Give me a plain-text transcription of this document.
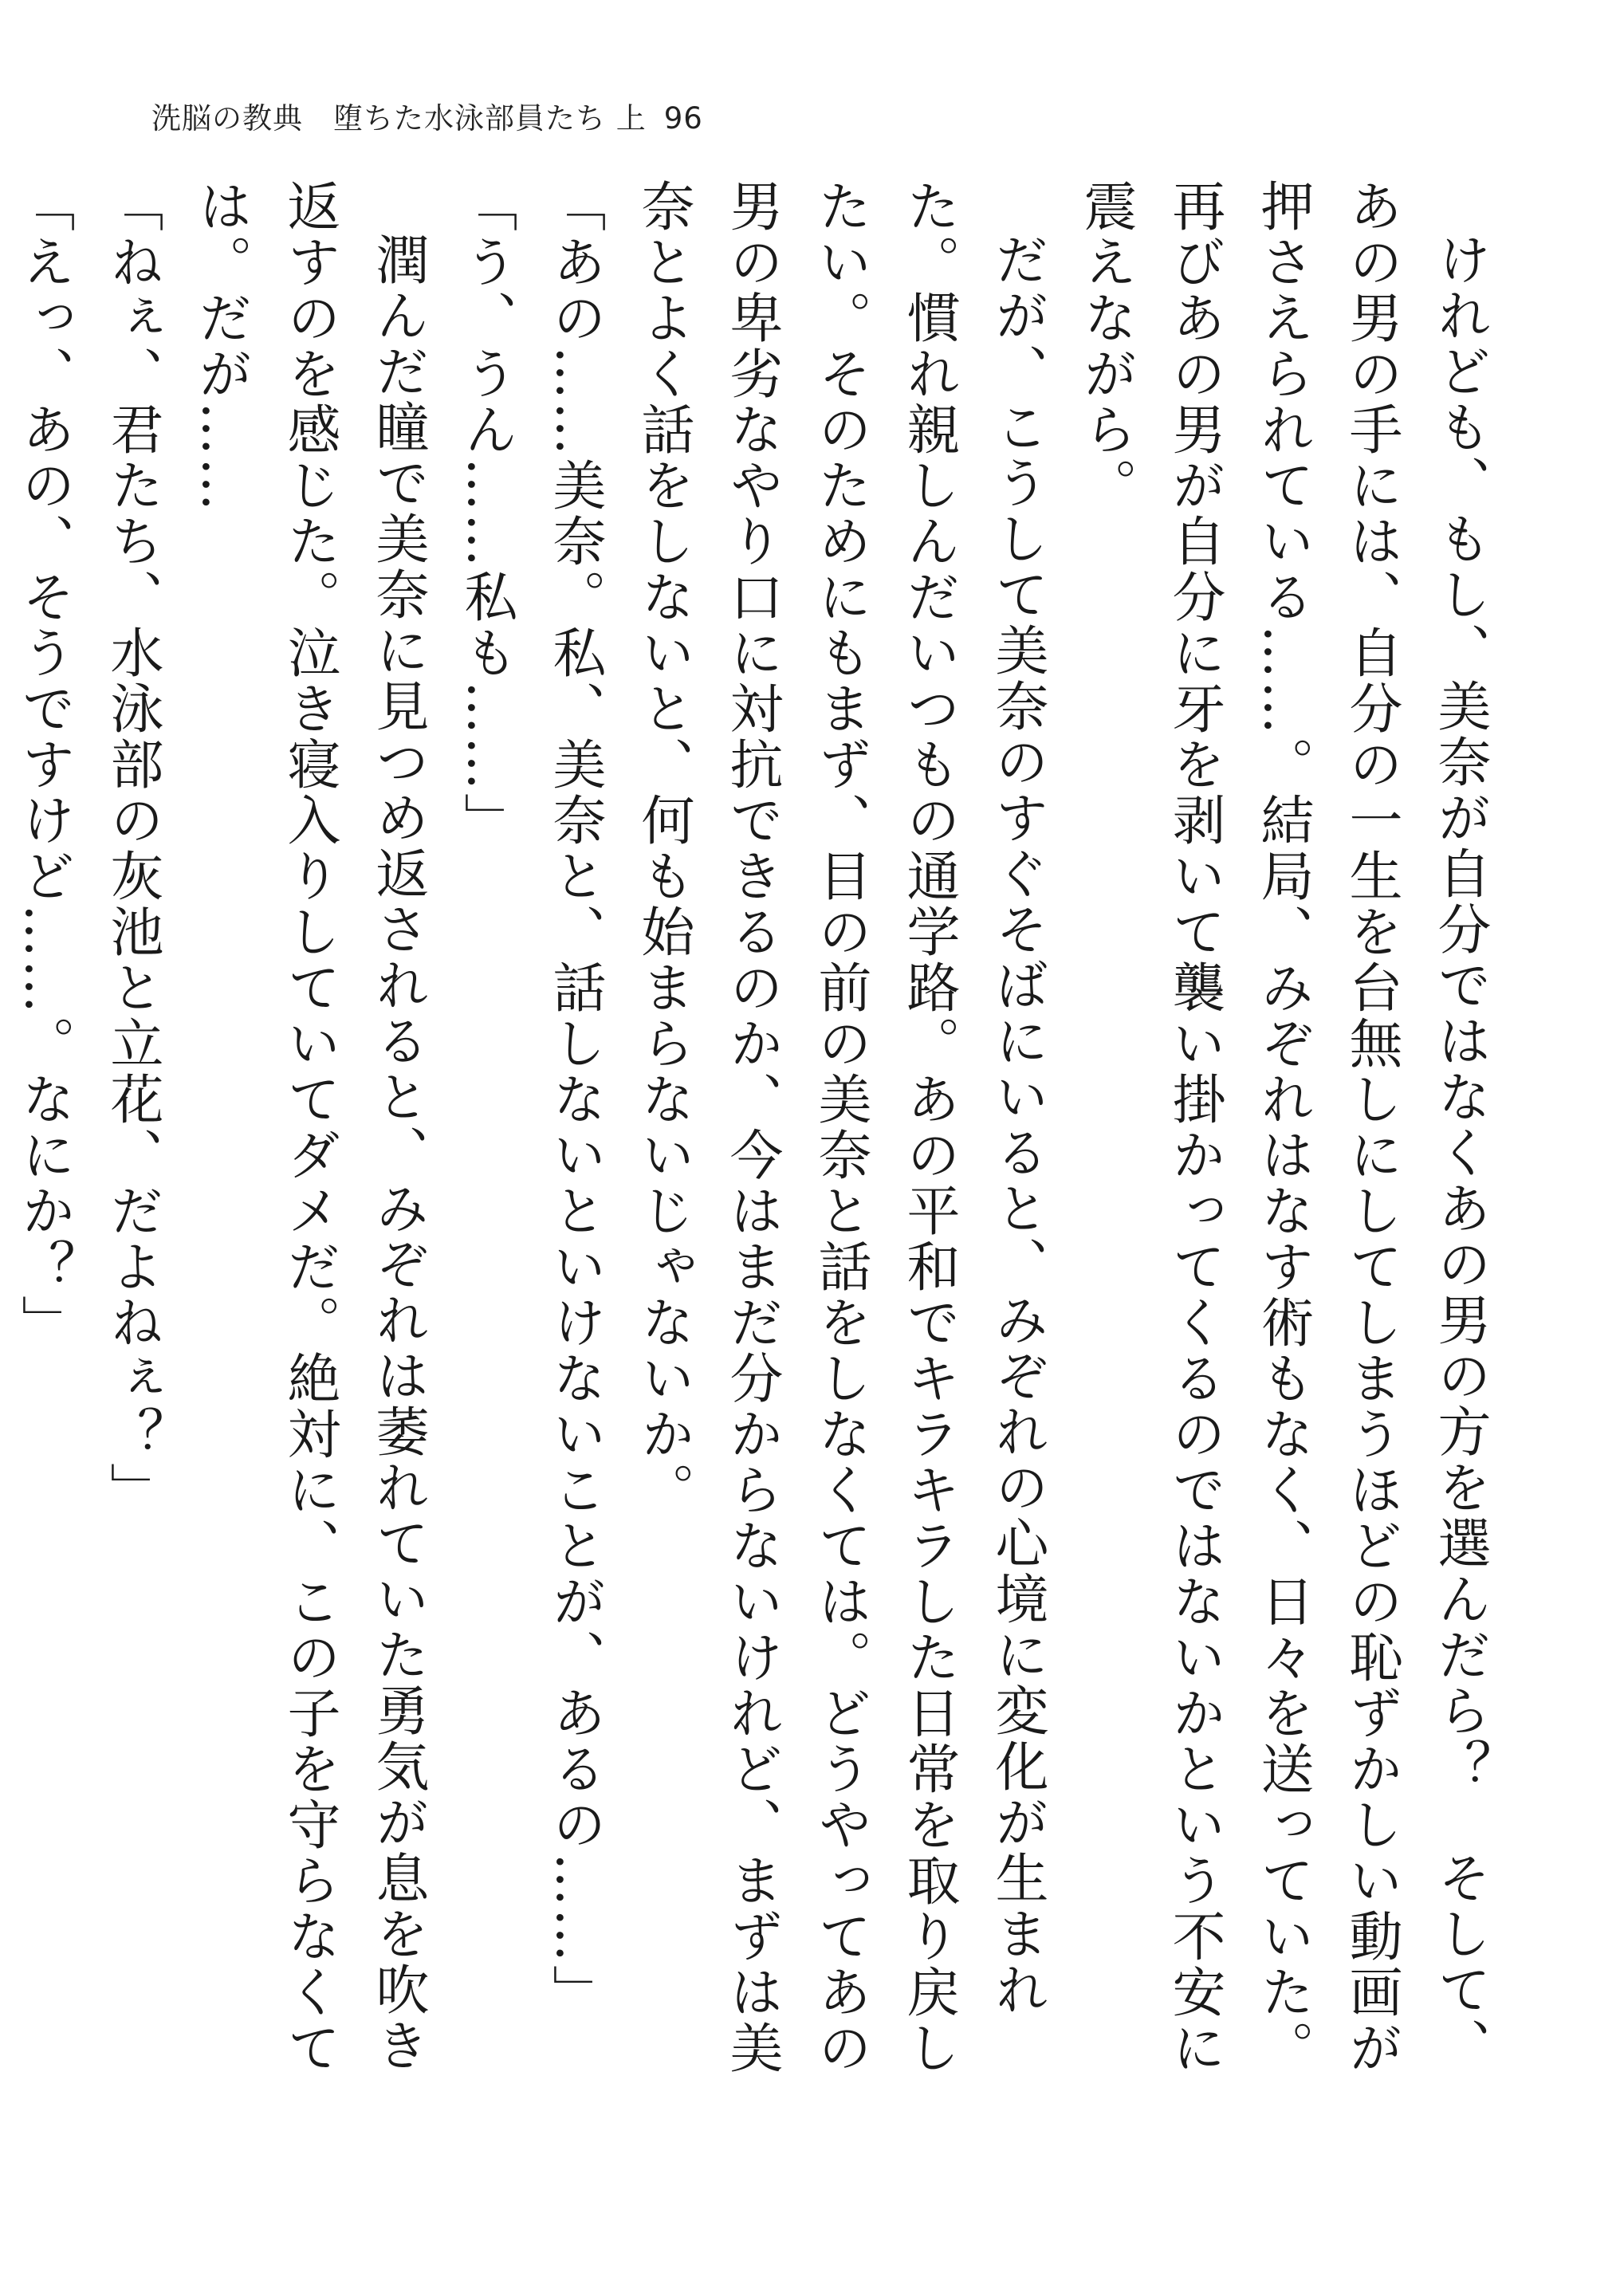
洗脳の教典　堕ちた水泳部員たち 上 96

けれども、もし、美奈が自分ではなくあの男の方を選んだら？　そして、あの男の手には、自分の一生を台無しにしてしまうほどの恥ずかしい動画が押さえられている……。結局、みぞれはなす術もなく、日々を送っていた。再びあの男が自分に牙を剥いて襲い掛かってくるのではないかという不安に震えながら。

だが、こうして美奈のすぐそばにいると、みぞれの心境に変化が生まれた。慣れ親しんだいつもの通学路。あの平和でキラキラした日常を取り戻したい。そのためにもまず、目の前の美奈と話をしなくては。どうやってあの男の卑劣なやり口に対抗できるのか、今はまだ分からないけれど、まずは美奈とよく話をしないと、何も始まらないじゃないか。

「あの……美奈。私、美奈と、話しないといけないことが、あるの……」

「う、うん……私も……」

潤んだ瞳で美奈に見つめ返されると、みぞれは萎れていた勇気が息を吹き返すのを感じた。泣き寝入りしていてダメだ。絶対に、この子を守らなくては。だが……

「ねぇ、君たち、水泳部の灰池と立花、だよねぇ？」

「えっ、あの、そうですけど……。なにか？」
